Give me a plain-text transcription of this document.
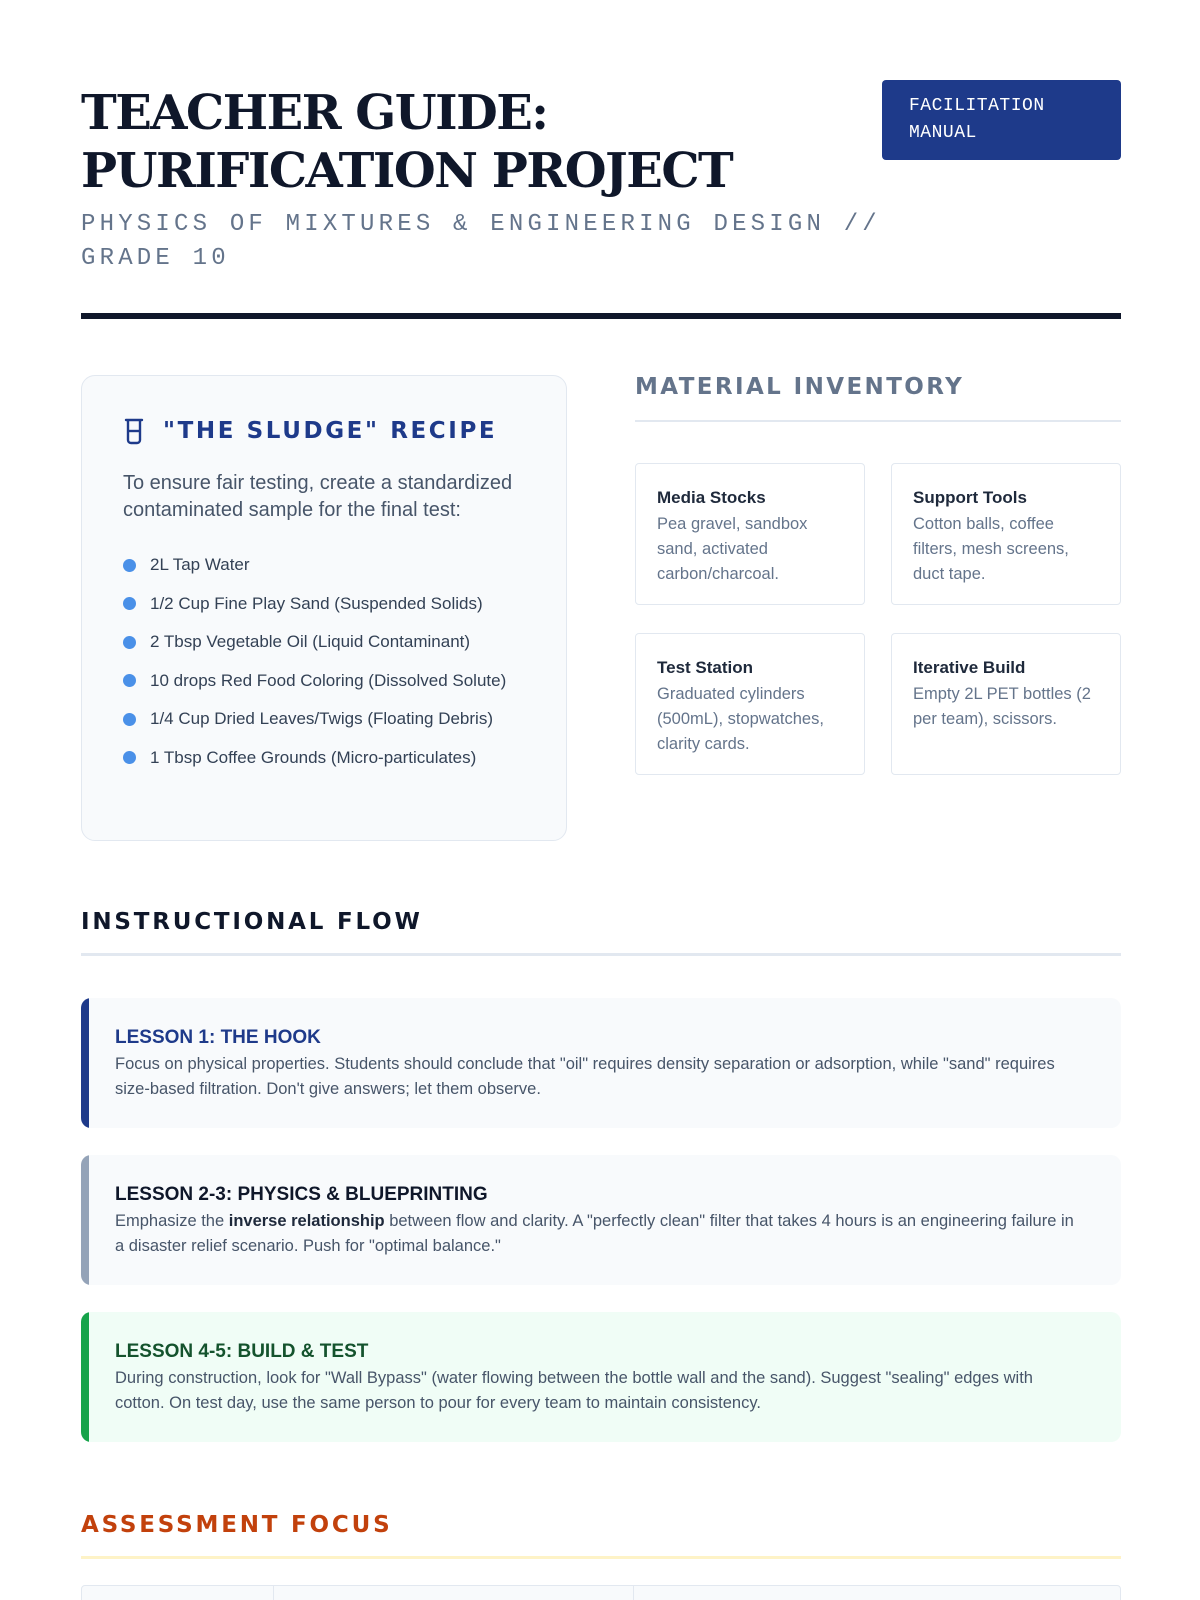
TEACHER GUIDE: PURIFICATION PROJECT
PHYSICS OF MIXTURES & ENGINEERING DESIGN // GRADE 10
FACILITATION MANUAL
"THE SLUDGE" RECIPE

To ensure fair testing, create a standardized contaminated sample for the final test:

2L Tap Water
1/2 Cup Fine Play Sand (Suspended Solids)
2 Tbsp Vegetable Oil (Liquid Contaminant)
10 drops Red Food Coloring (Dissolved Solute)
1/4 Cup Dried Leaves/Twigs (Floating Debris)
1 Tbsp Coffee Grounds (Micro-particulates)
MATERIAL INVENTORY
Media Stocks
Pea gravel, sandbox sand, activated carbon/charcoal.
Support Tools
Cotton balls, coffee filters, mesh screens, duct tape.
Test Station
Graduated cylinders (500mL), stopwatches, clarity cards.
Iterative Build
Empty 2L PET bottles (2 per team), scissors.
INSTRUCTIONAL FLOW
LESSON 1: THE HOOK
Focus on physical properties. Students should conclude that "oil" requires density separation or adsorption, while "sand" requires size-based filtration. Don't give answers; let them observe.
LESSON 2-3: PHYSICS & BLUEPRINTING
Emphasize the inverse relationship between flow and clarity. A "perfectly clean" filter that takes 4 hours is an engineering failure in a disaster relief scenario. Push for "optimal balance."
LESSON 4-5: BUILD & TEST
During construction, look for "Wall Bypass" (water flowing between the bottle wall and the sand). Suggest "sealing" edges with cotton. On test day, use the same person to pour for every team to maintain consistency.
ASSESSMENT FOCUS
